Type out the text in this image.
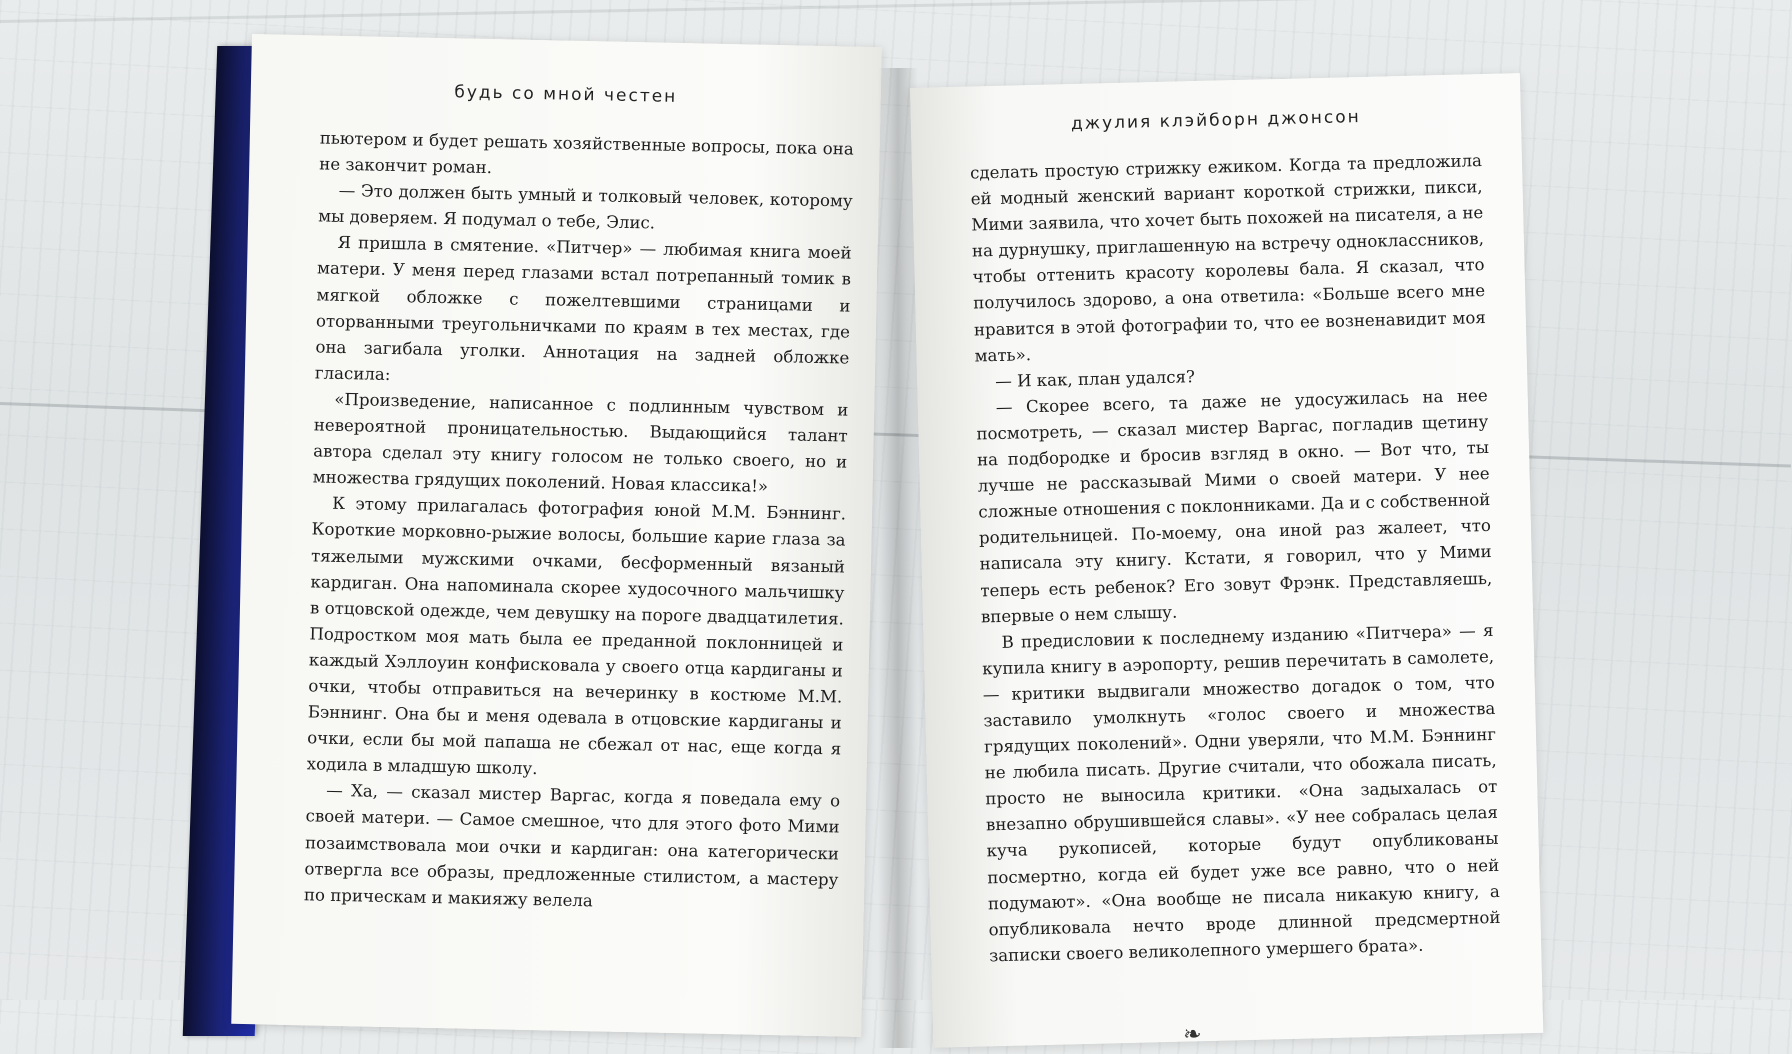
будь со мной честен

пьютером и будет решать хозяйственные вопросы, пока она не закончит роман.

— Это должен быть умный и толковый человек, которому мы доверяем. Я подумал о тебе, Элис.

Я пришла в смятение. «Питчер» — любимая книга моей матери. У меня перед глазами встал потрепанный томик в мягкой обложке с пожелтевшими страницами и оторванными треугольничками по краям в тех местах, где она загибала уголки. Аннотация на задней обложке гласила:

«Произведение, написанное с подлинным чувством и невероятной проницательностью. Выдающийся талант автора сделал эту книгу голосом не только своего, но и множества грядущих поколений. Новая классика!»

К этому прилагалась фотография юной М.М. Бэннинг. Короткие морковно-рыжие волосы, большие карие глаза за тяжелыми мужскими очками, бесформенный вязаный кардиган. Она напоминала скорее худосочного мальчишку в отцовской одежде, чем девушку на пороге двадцатилетия. Подростком моя мать была ее преданной поклонницей и каждый Хэллоуин конфисковала у своего отца кардиганы и очки, чтобы отправиться на вечеринку в костюме М.М. Бэннинг. Она бы и меня одевала в отцовские кардиганы и очки, если бы мой папаша не сбежал от нас, еще когда я ходила в младшую школу.

— Ха, — сказал мистер Варгас, когда я поведала ему о своей матери. — Самое смешное, что для этого фото Мими позаимствовала мои очки и кардиган: она категорически отвергла все образы, предложенные стилистом, а мастеру по прическам и макияжу велела

джулия клэйборн джонсон

сделать простую стрижку ежиком. Когда та предложила ей модный женский вариант короткой стрижки, пикси, Мими заявила, что хочет быть похожей на писателя, а не на дурнушку, приглашенную на встречу одноклассников, чтобы оттенить красоту королевы бала. Я сказал, что получилось здорово, а она ответила: «Больше всего мне нравится в этой фотографии то, что ее возненавидит моя мать».

— И как, план удался?

— Скорее всего, та даже не удосужилась на нее посмотреть, — сказал мистер Варгас, погладив щетину на подбородке и бросив взгляд в окно. — Вот что, ты лучше не рассказывай Мими о своей матери. У нее сложные отношения с поклонниками. Да и с собственной родительницей. По-моему, она иной раз жалеет, что написала эту книгу. Кстати, я говорил, что у Мими теперь есть ребенок? Его зовут Фрэнк. Представляешь, впервые о нем слышу.

В предисловии к последнему изданию «Питчера» — я купила книгу в аэропорту, решив перечитать в самолете, — критики выдвигали множество догадок о том, что заставило умолкнуть «голос своего и множества грядущих поколений». Одни уверяли, что М.М. Бэннинг не любила писать. Другие считали, что обожала писать, просто не выносила критики. «Она задыхалась от внезапно обрушившейся славы». «У нее собралась целая куча рукописей, которые будут опубликованы посмертно, когда ей будет уже все равно, что о ней подумают». «Она вообще не писала никакую книгу, а опубликовала нечто вроде длинной предсмертной записки своего великолепного умершего брата».

❧
